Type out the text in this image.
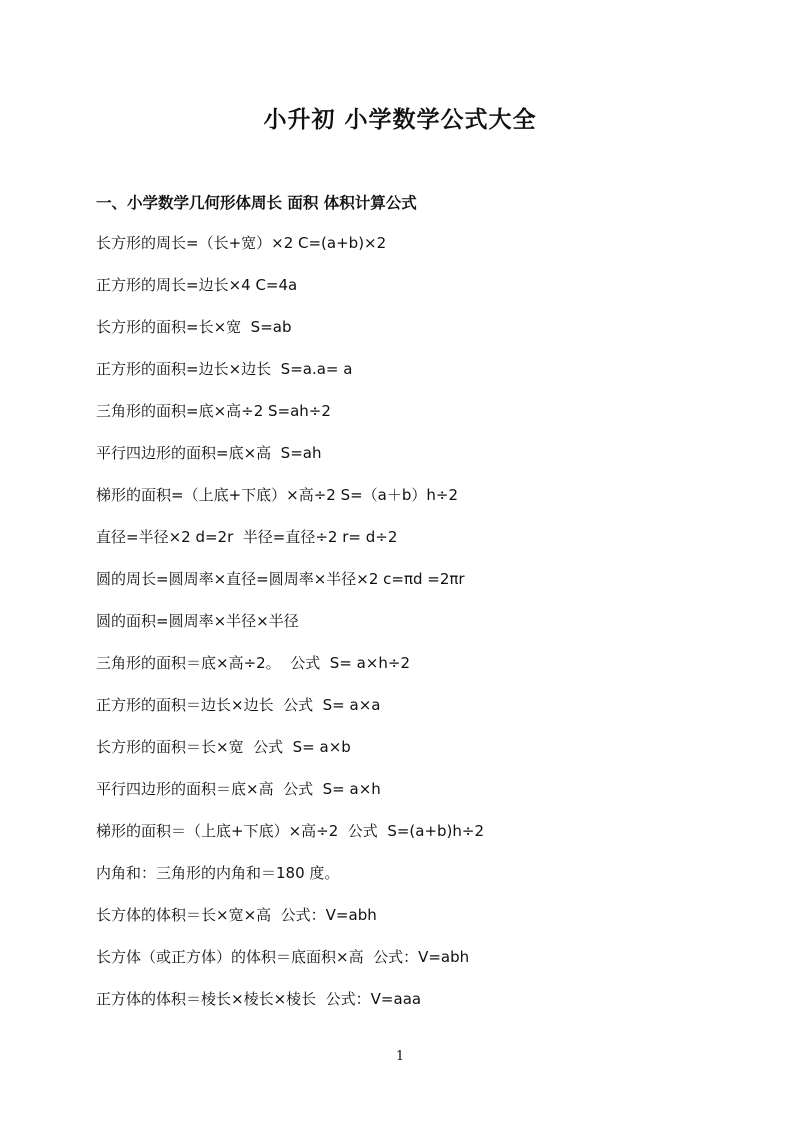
小升初 小学数学公式大全
一、小学数学几何形体周长 面积 体积计算公式
长方形的周长=（长+宽）×2 C=(a+b)×2
正方形的周长=边长×4 C=4a
长方形的面积=长×宽  S=ab
正方形的面积=边长×边长  S=a.a= a
三角形的面积=底×高÷2 S=ah÷2
平行四边形的面积=底×高  S=ah
梯形的面积=（上底+下底）×高÷2 S=（a＋b）h÷2
直径=半径×2 d=2r  半径=直径÷2 r= d÷2
圆的周长=圆周率×直径=圆周率×半径×2 c=πd =2πr
圆的面积=圆周率×半径×半径
三角形的面积＝底×高÷2。  公式  S= a×h÷2
正方形的面积＝边长×边长  公式  S= a×a
长方形的面积＝长×宽  公式  S= a×b
平行四边形的面积＝底×高  公式  S= a×h
梯形的面积＝（上底+下底）×高÷2  公式  S=(a+b)h÷2
内角和：三角形的内角和＝180 度。
长方体的体积＝长×宽×高  公式：V=abh
长方体（或正方体）的体积＝底面积×高  公式：V=abh
正方体的体积＝棱长×棱长×棱长  公式：V=aaa

1
